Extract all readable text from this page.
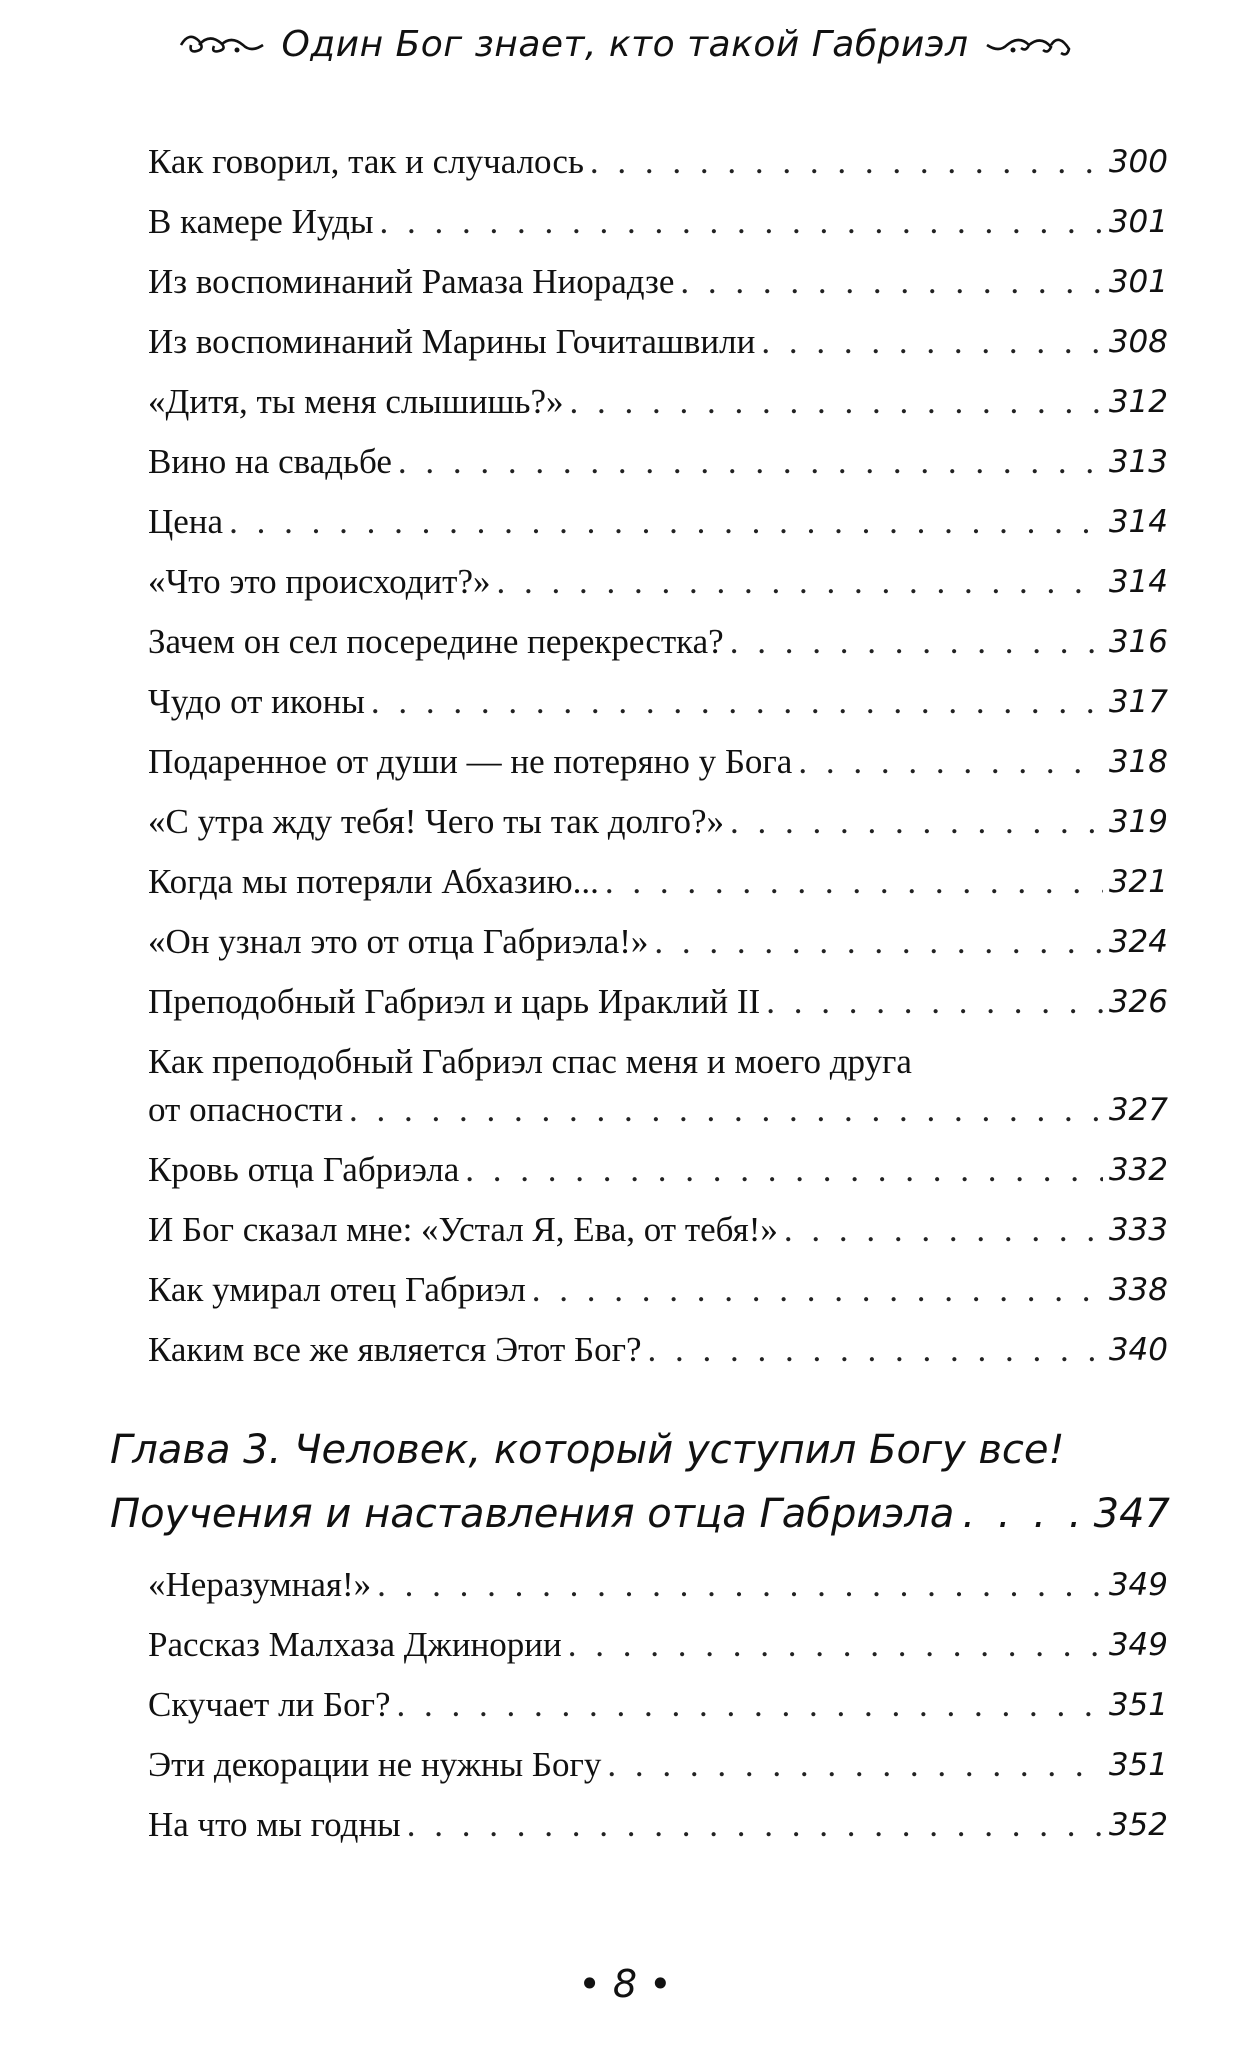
Один Бог знает, кто такой Габриэл
Как говорил, так и случалось . . .	300
В камере Иуды . . .	301
Из воспоминаний Рамаза Ниорадзе . . .	301
Из воспоминаний Марины Гочиташвили . . .	308
«Дитя, ты меня слышишь?» . . .	312
Вино на свадьбе . . .	313
Цена . . .	314
«Что это происходит?» . . .	314
Зачем он сел посередине перекрестка? . . .	316
Чудо от иконы . . .	317
Подаренное от души — не потеряно у Бога . . .	318
«С утра жду тебя! Чего ты так долго?» . . .	319
Когда мы потеряли Абхазию... . . .	321
«Он узнал это от отца Габриэла!» . . .	324
Преподобный Габриэл и царь Ираклий II . . .	326
Как преподобный Габриэл спас меня и моего друга
от опасности . . .	327
Кровь отца Габриэла . . .	332
И Бог сказал мне: «Устал Я, Ева, от тебя!» . . .	333
Как умирал отец Габриэл . . .	338
Каким все же является Этот Бог? . . .	340
Глава 3. Человек, который уступил Богу все!
Поучения и наставления отца Габриэла . . .	347
«Неразумная!» . . .	349
Рассказ Малхаза Джинории . . .	349
Скучает ли Бог? . . .	351
Эти декорации не нужны Богу . . .	351
На что мы годны . . .	352
• 8 •
